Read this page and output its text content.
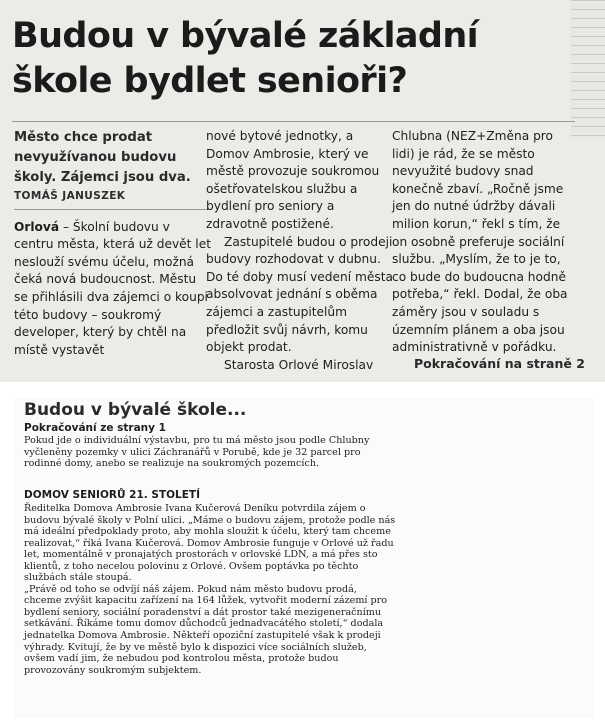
Budou v bývalé základní
škole bydlet senioři?

Město chce prodat nevyužívanou budovu školy. Zájemci jsou dva.

TOMÁŠ JANUSZEK

Orlová – Školní budovu v centru města, která už devět let neslouží svému účelu, možná čeká nová budoucnost. Městu se přihlásili dva zájemci o koupi této budovy – soukromý developer, který by chtěl na místě vystavět

nové bytové jednotky, a Domov Ambrosie, který ve městě provozuje soukromou ošetřovatelskou službu a bydlení pro seniory a zdravotně postižené.

Zastupitelé budou o prodeji budovy rozhodovat v dubnu. Do té doby musí vedení města absolvovat jednání s oběma zájemci a zastupitelům předložit svůj návrh, komu objekt prodat.

Starosta Orlové Miroslav

Chlubna (NEZ+Změna pro lidi) je rád, že se město nevyužité budovy snad konečně zbaví. „Ročně jsme jen do nutné údržby dávali milion korun,“ řekl s tím, že on osobně preferuje sociální službu. „Myslím, že to je to, co bude do budoucna hodně potřeba,“ řekl. Dodal, že oba záměry jsou v souladu s územním plánem a oba jsou administrativně v pořádku.

Pokračování na straně 2
Budou v bývalé škole...

Pokračování ze strany 1

Pokud jde o individuální výstavbu, pro tu má město jsou podle Chlubny vyčleněny pozemky v ulici Záchranářů v Porubě, kde je 32 parcel pro rodinné domy, anebo se realizuje na soukromých pozemcích.

DOMOV SENIORŮ 21. STOLETÍ

Ředitelka Domova Ambrosie Ivana Kučerová Deníku potvrdila zájem o budovu bývalé školy v Polní ulici. „Máme o budovu zájem, protože podle nás má ideální předpoklady proto, aby mohla sloužit k účelu, který tam chceme realizovat,“ říká Ivana Kučerová. Domov Ambrosie funguje v Orlové už řadu let, momentálně v pronajatých prostorách v orlovské LDN, a má přes sto klientů, z toho necelou polovinu z Orlové. Ovšem poptávka po těchto službách stále stoupá.
„Právě od toho se odvíjí náš zájem. Pokud nám město budovu prodá, chceme zvýšit kapacitu zařízení na 164 lůžek, vytvořit moderní zázemí pro bydlení seniory, sociální poradenství a dát prostor také mezigeneračnímu setkávání. Říkáme tomu domov důchodců jednadvacátého století,“ dodala jednatelka Domova Ambrosie. Někteří opoziční zastupitelé však k prodeji výhrady. Kvitují, že by ve městě bylo k dispozici více sociálních služeb, ovšem vadí jim, že nebudou pod kontrolou města, protože budou provozovány soukromým subjektem.
